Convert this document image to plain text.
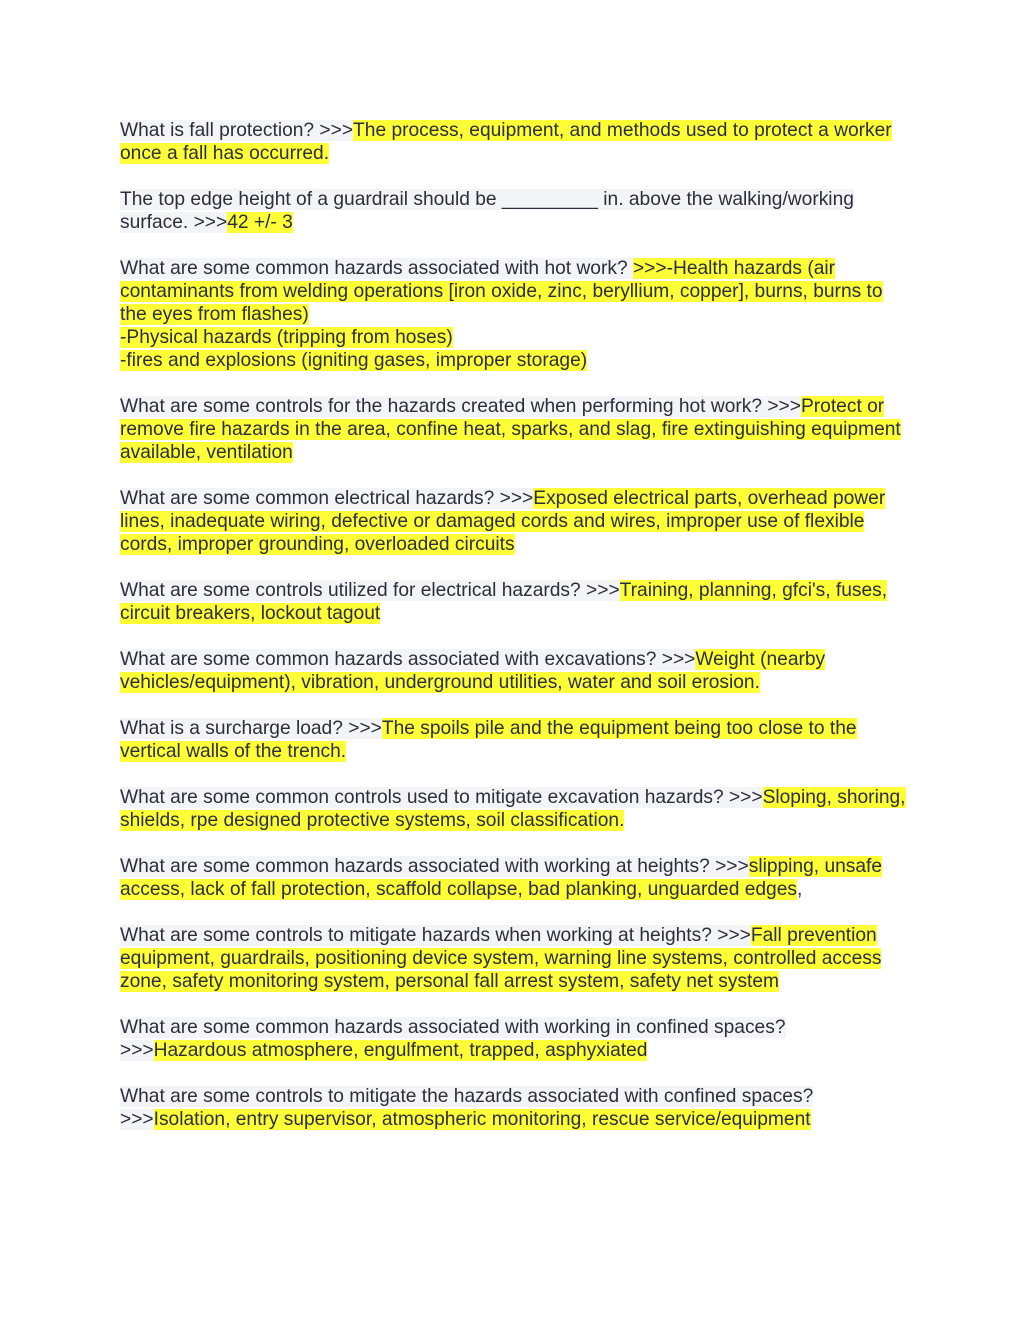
What is fall protection? >>>The process, equipment, and methods used to protect a worker once a fall has occurred.

The top edge height of a guardrail should be _________ in. above the walking/working surface. >>>42 +/- 3

What are some common hazards associated with hot work? >>>-Health hazards (air contaminants from welding operations [iron oxide, zinc, beryllium, copper], burns, burns to the eyes from flashes)
-Physical hazards (tripping from hoses)
-fires and explosions (igniting gases, improper storage)

What are some controls for the hazards created when performing hot work? >>>Protect or remove fire hazards in the area, confine heat, sparks, and slag, fire extinguishing equipment available, ventilation

What are some common electrical hazards? >>>Exposed electrical parts, overhead power lines, inadequate wiring, defective or damaged cords and wires, improper use of flexible cords, improper grounding, overloaded circuits

What are some controls utilized for electrical hazards? >>>Training, planning, gfci's, fuses, circuit breakers, lockout tagout

What are some common hazards associated with excavations? >>>Weight (nearby vehicles/equipment), vibration, underground utilities, water and soil erosion.

What is a surcharge load? >>>The spoils pile and the equipment being too close to the vertical walls of the trench.

What are some common controls used to mitigate excavation hazards? >>>Sloping, shoring, shields, rpe designed protective systems, soil classification.

What are some common hazards associated with working at heights? >>>slipping, unsafe access, lack of fall protection, scaffold collapse, bad planking, unguarded edges,

What are some controls to mitigate hazards when working at heights? >>>Fall prevention equipment, guardrails, positioning device system, warning line systems, controlled access zone, safety monitoring system, personal fall arrest system, safety net system

What are some common hazards associated with working in confined spaces? >>>Hazardous atmosphere, engulfment, trapped, asphyxiated

What are some controls to mitigate the hazards associated with confined spaces? >>>Isolation, entry supervisor, atmospheric monitoring, rescue service/equipment
